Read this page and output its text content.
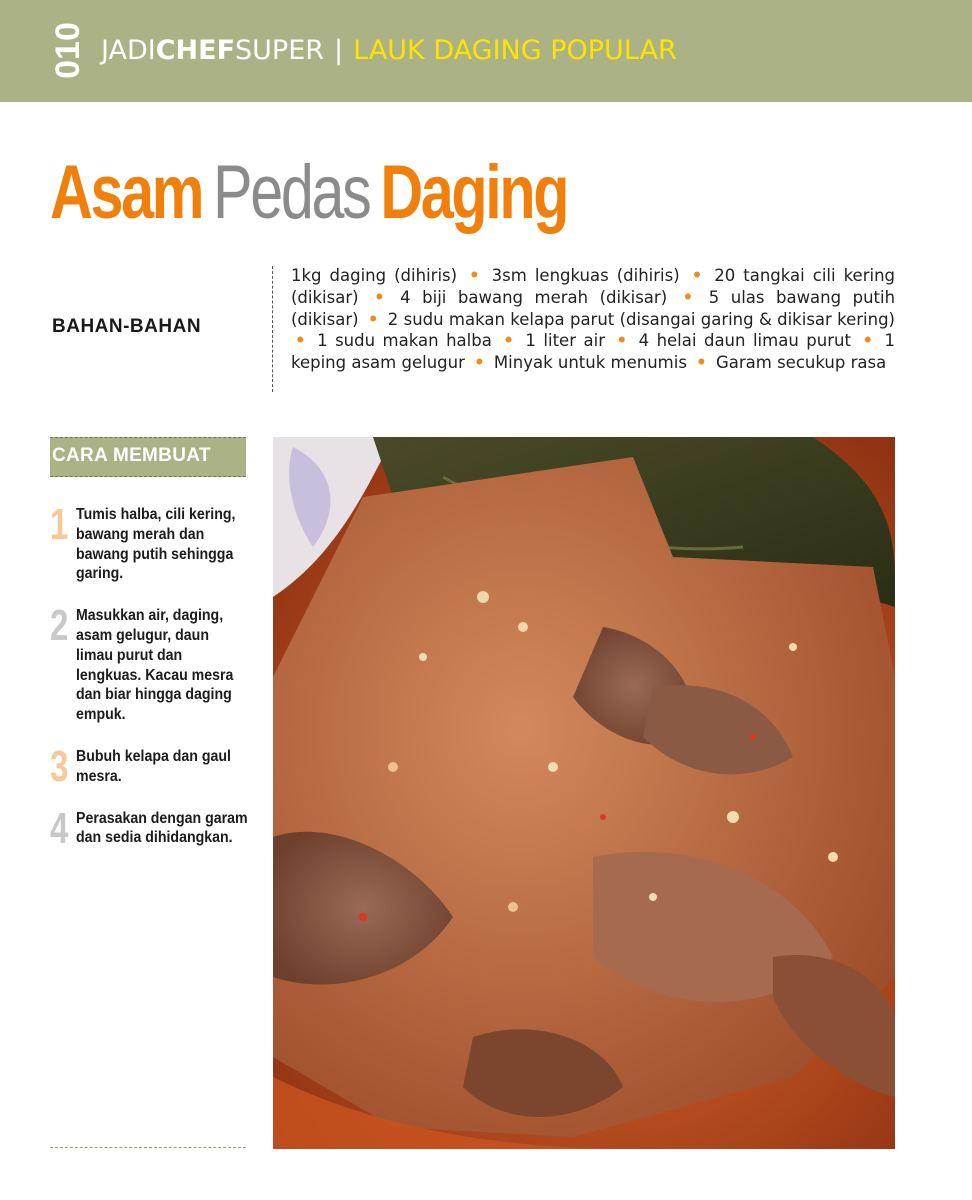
010 JADICHEFSUPER | LAUK DAGING POPULAR
Asam Pedas Daging
BAHAN-BAHAN
1kg daging (dihiris) • 3sm lengkuas (dihiris) • 20 tangkai cili kering (dikisar) • 4 biji bawang merah (dikisar) • 5 ulas bawang putih (dikisar) • 2 sudu makan kelapa parut (disangai garing & dikisar kering) • 1 sudu makan halba • 1 liter air • 4 helai daun limau purut • 1 keping asam gelugur • Minyak untuk menumis • Garam secukup rasa
CARA MEMBUAT
1 Tumis halba, cili kering, bawang merah dan bawang putih sehingga garing.
2 Masukkan air, daging, asam gelugur, daun limau purut dan lengkuas. Kacau mesra dan biar hingga daging empuk.
3 Bubuh kelapa dan gaul mesra.
4 Perasakan dengan garam dan sedia dihidangkan.
